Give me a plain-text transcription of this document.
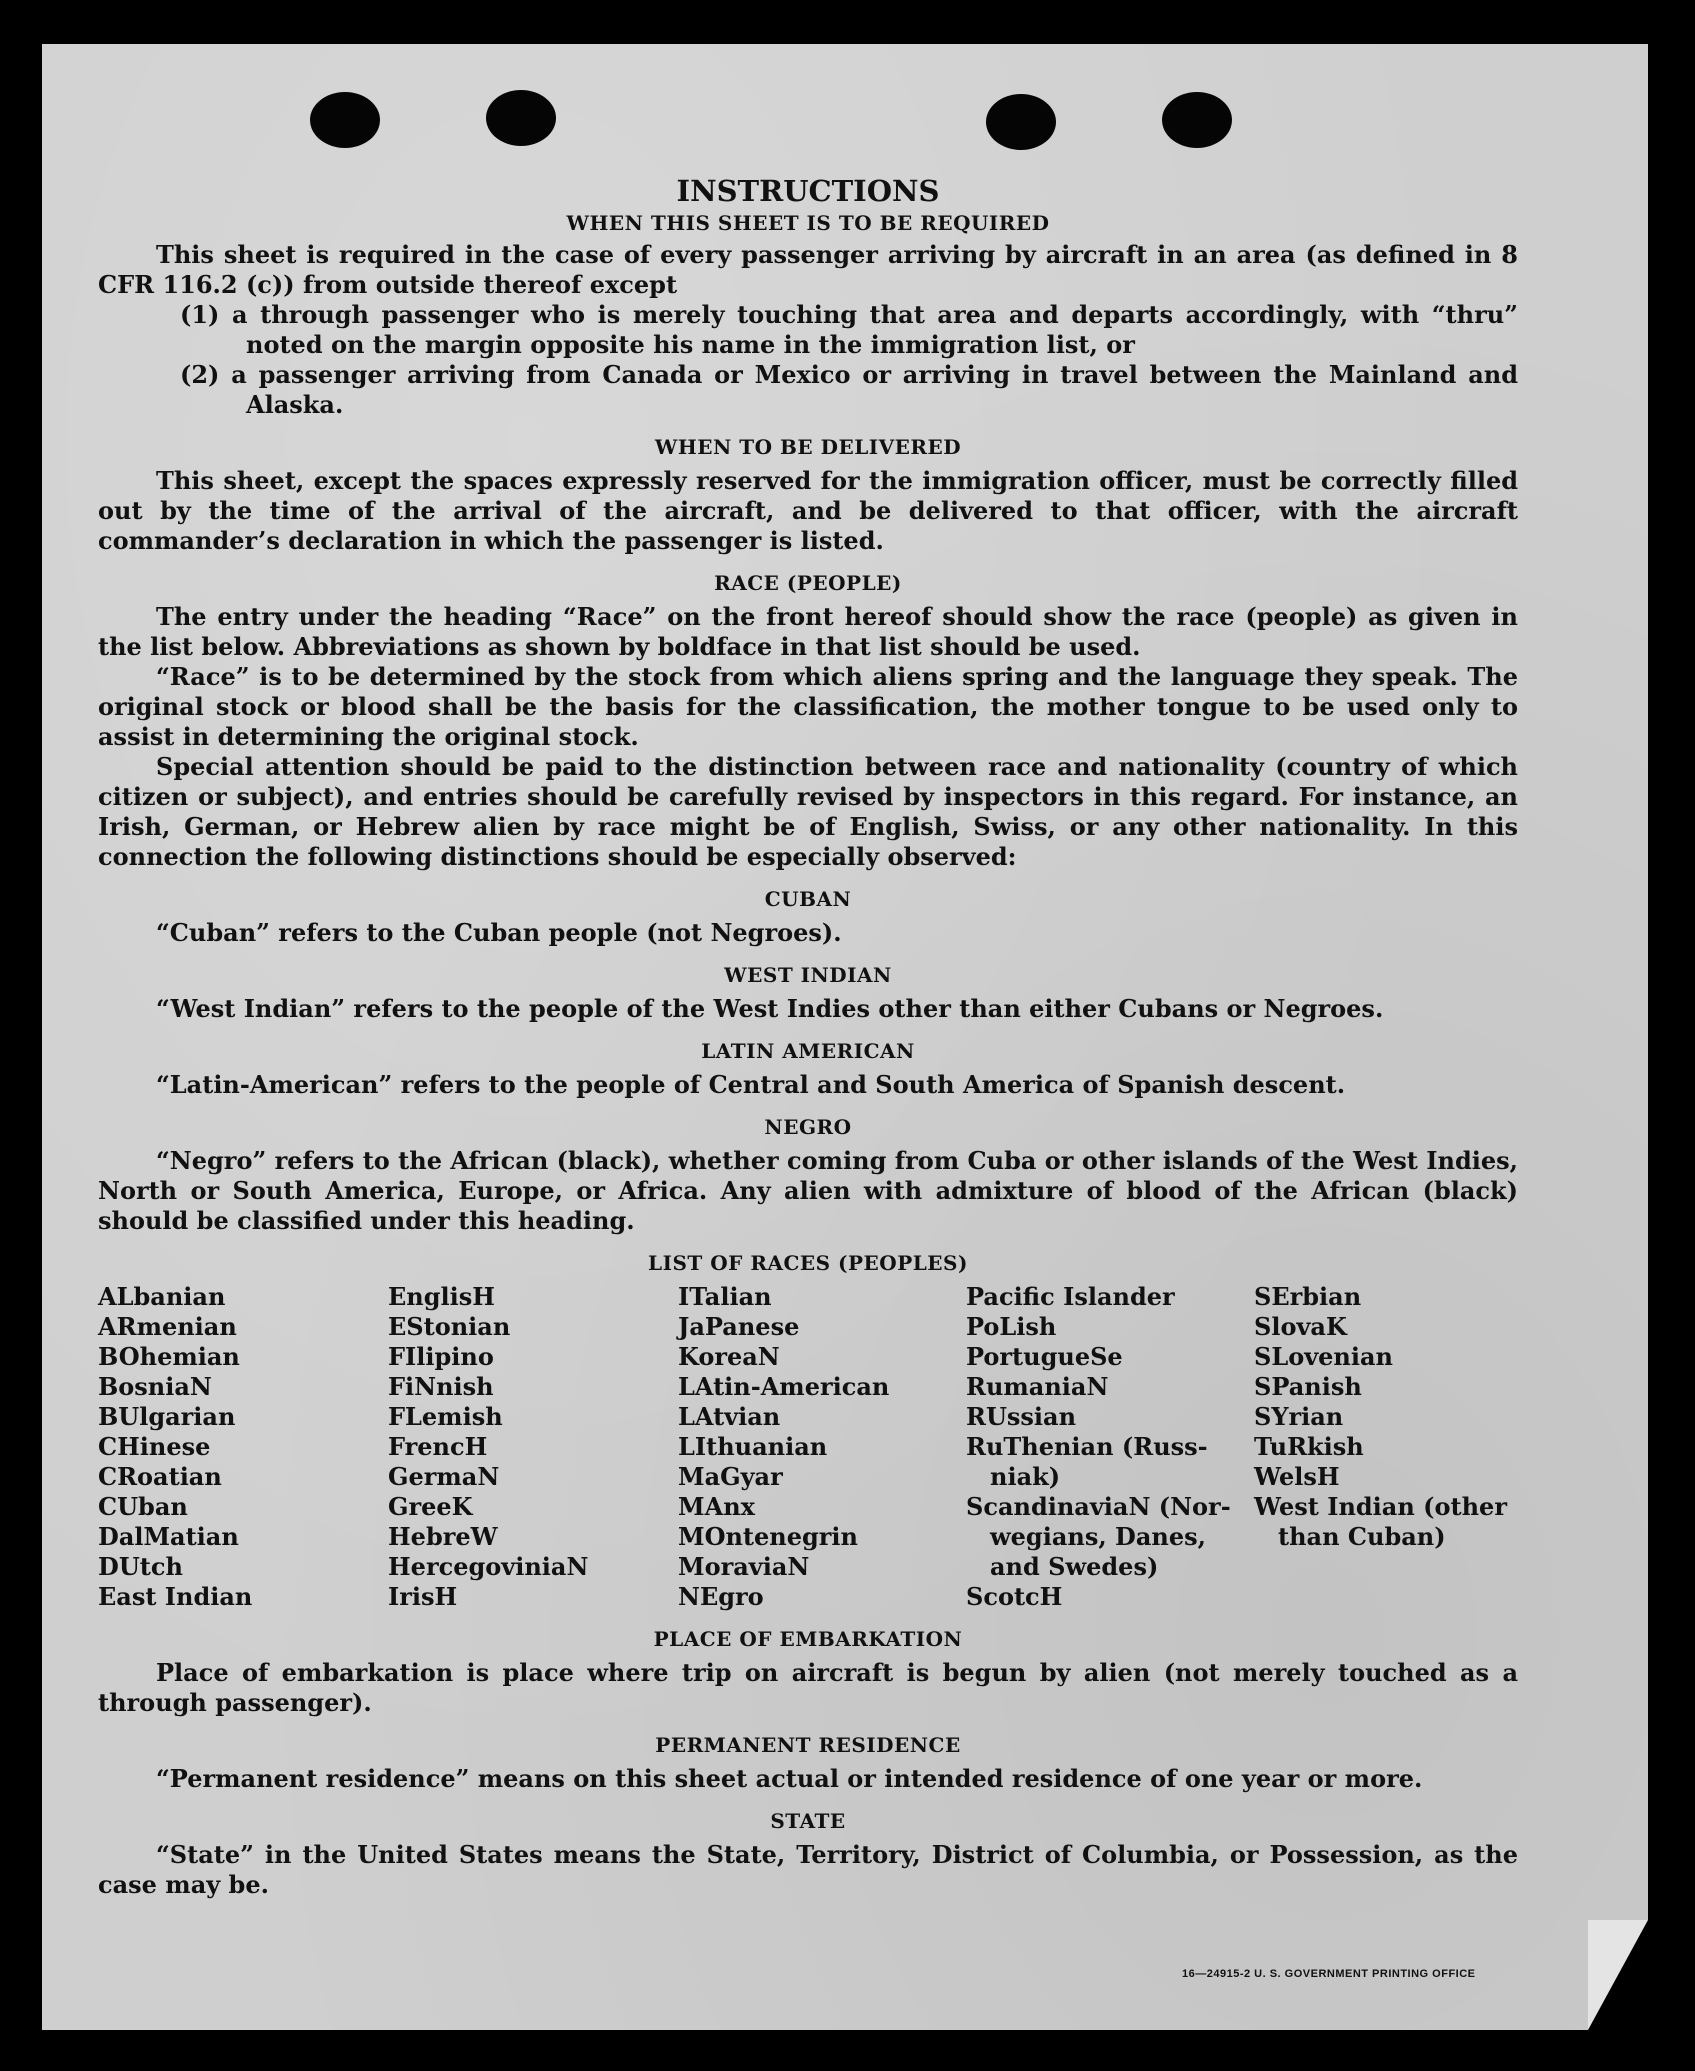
INSTRUCTIONS
WHEN THIS SHEET IS TO BE REQUIRED

This sheet is required in the case of every passenger arriving by aircraft in an area (as defined in 8 CFR 116.2 (c)) from outside thereof except

(1) a through passenger who is merely touching that area and departs accordingly, with “thru” noted on the margin opposite his name in the immigration list, or

(2) a passenger arriving from Canada or Mexico or arriving in travel between the Mainland and Alaska.

WHEN TO BE DELIVERED

This sheet, except the spaces expressly reserved for the immigration officer, must be correctly filled out by the time of the arrival of the aircraft, and be delivered to that officer, with the aircraft commander’s declaration in which the passenger is listed.

RACE (PEOPLE)

The entry under the heading “Race” on the front hereof should show the race (people) as given in the list below. Abbreviations as shown by boldface in that list should be used.

“Race” is to be determined by the stock from which aliens spring and the language they speak. The original stock or blood shall be the basis for the classification, the mother tongue to be used only to assist in determining the original stock.

Special attention should be paid to the distinction between race and nationality (country of which citizen or subject), and entries should be carefully revised by inspectors in this regard. For instance, an Irish, German, or Hebrew alien by race might be of English, Swiss, or any other nationality. In this connection the following distinctions should be especially observed:

CUBAN

“Cuban” refers to the Cuban people (not Negroes).

WEST INDIAN

“West Indian” refers to the people of the West Indies other than either Cubans or Negroes.

LATIN AMERICAN

“Latin-American” refers to the people of Central and South America of Spanish descent.

NEGRO

“Negro” refers to the African (black), whether coming from Cuba or other islands of the West Indies, North or South America, Europe, or Africa. Any alien with admixture of blood of the African (black) should be classified under this heading.

LIST OF RACES (PEOPLES)
ALbanian
ARmenian
BOhemian
BosniaN
BUlgarian
CHinese
CRoatian
CUban
DalMatian
DUtch
East Indian
EnglisH
EStonian
FIlipino
FiNnish
FLemish
FrencH
GermaN
GreeK
HebreW
HercegoviniaN
IrisH
ITalian
JaPanese
KoreaN
LAtin-American
LAtvian
LIthuanian
MaGyar
MAnx
MOntenegrin
MoraviaN
NEgro
Pacific Islander
PoLish
PortugueSe
RumaniaN
RUssian
RuThenian (Russ-
niak)
ScandinaviaN (Nor-
wegians, Danes,
and Swedes)
ScotcH
SErbian
SlovaK
SLovenian
SPanish
SYrian
TuRkish
WelsH
West Indian (other
than Cuban)
PLACE OF EMBARKATION

Place of embarkation is place where trip on aircraft is begun by alien (not merely touched as a through passenger).

PERMANENT RESIDENCE

“Permanent residence” means on this sheet actual or intended residence of one year or more.

STATE

“State” in the United States means the State, Territory, District of Columbia, or Possession, as the case may be.

16—24915-2 U. S. GOVERNMENT PRINTING OFFICE
